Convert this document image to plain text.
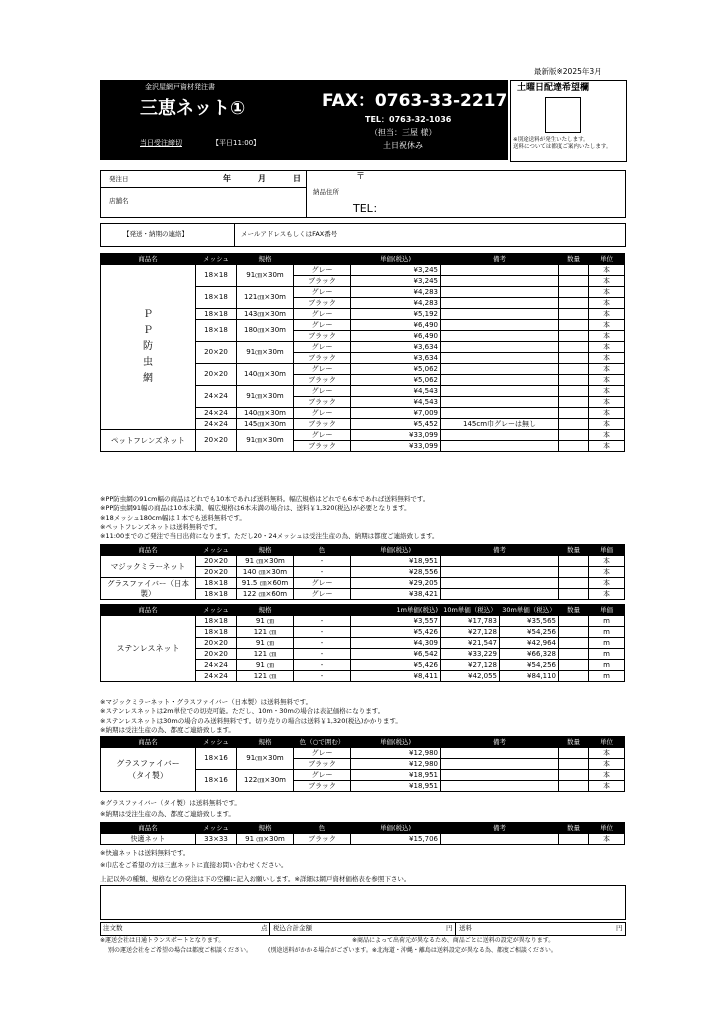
最新版※2025年3月
金沢屋網戸資材発注書
三恵ネット①
当日受注締切	【平日11:00】
FAX：0763-33-2217
TEL：0763-32-1036
（担当：三屋 様）
土日祝休み
土曜日配達希望欄
※別途送料が発生いたします。
送料については都度ご案内いたします。
発注日	年	月	日
店舗名
〒
納品住所
TEL：
【発送・納期の連絡】	メールアドレスもしくはFAX番号
商品名	メッシュ	規格		単価(税込)	備考	数量	単位
ＰＰ防虫網	18×18	91㎝×30m	グレー	¥3,245			本
			ブラック	¥3,245			本
	18×18	121㎝×30m	グレー	¥4,283			本
			ブラック	¥4,283			本
	18×18	143㎝×30m	グレー	¥5,192			本
	18×18	180㎝×30m	グレー	¥6,490			本
			ブラック	¥6,490			本
	20×20	91㎝×30m	グレー	¥3,634			本
			ブラック	¥3,634			本
	20×20	140㎝×30m	グレー	¥5,062			本
			ブラック	¥5,062			本
	24×24	91㎝×30m	グレー	¥4,543			本
			ブラック	¥4,543			本
	24×24	140㎝×30m	グレー	¥7,009			本
	24×24	145㎝×30m	ブラック	¥5,452	145cm巾グレーは無し		本
ペットフレンズネット	20×20	91㎝×30m	グレー	¥33,099			本
			ブラック	¥33,099			本
※PP防虫網の91cm幅の商品はどれでも10本であれば送料無料。幅広規格はどれでも6本であれば送料無料です。
※PP防虫網91幅の商品は10本未満、幅広規格は6本未満の場合は、送料￥1,320(税込)が必要となります。
※18メッシュ180cm幅は１本でも送料無料です。
※ペットフレンズネットは送料無料です。
※11:00までのご発注で当日出荷になります。ただし20・24メッシュは受注生産の為、納期は都度ご連絡致します。
商品名	メッシュ	規格	色	単価(税込)	備考	数量	単価
マジックミラーネット	20×20	91 ㎝×30m	-	¥18,951			本
	20×20	140 ㎝×30m	-	¥28,556			本
グラスファイバー（日本製）	18×18	91.5 ㎝×60m	グレー	¥29,205			本
	18×18	122 ㎝×60m	グレー	¥38,421			本
商品名	メッシュ	規格		1m単価(税込)	10m単価（税込）	30m単価（税込）	数量	単価
ステンレスネット	18×18	91 ㎝	-	¥3,557	¥17,783	¥35,565		m
	18×18	121 ㎝	-	¥5,426	¥27,128	¥54,256		m
	20×20	91 ㎝	-	¥4,309	¥21,547	¥42,964		m
	20×20	121 ㎝	-	¥6,542	¥33,229	¥66,328		m
	24×24	91 ㎝	-	¥5,426	¥27,128	¥54,256		m
	24×24	121 ㎝	-	¥8,411	¥42,055	¥84,110		m
※マジックミラーネット・グラスファイバー（日本製）は送料無料です。
※ステンレスネットは2m単位での切売可能。ただし、10m・30mの場合は表記価格になります。
※ステンレスネットは30mの場合のみ送料無料です。切り売りの場合は送料￥1,320(税込)かかります。
※納期は受注生産の為、都度ご連絡致します。
商品名	メッシュ	規格	色（○で囲む）	単価(税込)	備考	数量	単位
グラスファイバー（タイ製）	18×16	91㎝×30m	グレー	¥12,980			本
			ブラック	¥12,980			本
	18×16	122㎝×30m	グレー	¥18,951			本
			ブラック	¥18,951			本
※グラスファイバー（タイ製）は送料無料です。
※納期は受注生産の為、都度ご連絡致します。
商品名	メッシュ	規格	色	単価(税込)	備考	数量	単位
快適ネット	33×33	91 ㎝×30m	ブラック	¥15,706			本
※快適ネットは送料無料です。
※巾広をご希望の方は三恵ネットに直接お問い合わせください。
上記以外の種類、規格などの発注は下の空欄に記入お願いします。※詳細は網戸資材価格表を参照下さい。
注文数	点 税込合計金額	円 送料	円
※運送会社は日通トランスポートとなります。	※商品によって出荷元が異なるため、商品ごとに送料の設定が異なります。
別の運送会社をご希望の場合は都度ご相談ください。	(別途送料がかかる場合がございます。※北海道・沖縄・離島は送料設定が異なる為、都度ご相談ください。
